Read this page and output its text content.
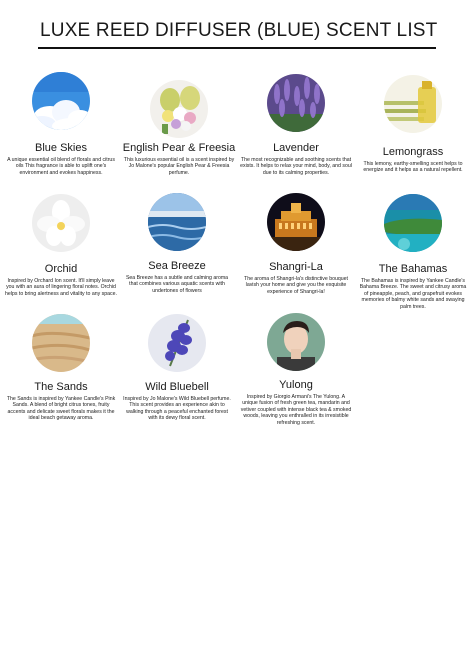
LUXE REED DIFFUSER (BLUE) SCENT LIST
Blue Skies
A unique essential oil blend of florals and citrus oils This fragrance is able to uplift one's environment and evokes happiness.
English Pear & Freesia
This luxurious essential oil is a scent inspired by Jo Malone's popular English Pear & Freesia perfume.
Lavender
The most recognizable and soothing scents that exists. It helps to relax your mind, body, and soul due to its calming properties.
Lemongrass
This lemony, earthy-smelling scent helps to energize and it helps as a natural repellent.
Orchid
Inspired by Orchard Ion scent. It'll simply leave you with an aura of lingering floral notes. Orchid helps to bring alertness and vitality to any space.
Sea Breeze
Sea Breeze has a subtle and calming aroma that combines various aquatic scents with undertones of flowers
Shangri-La
The aroma of Shangri-la's distinctive bouquet lavish your home and give you the exquisite experience of Shangri-la!
The Bahamas
The Bahamas is inspired by Yankee Candle's Bahama Breeze. The sweet and citrusy aroma of pineapple, peach, and grapefruit evokes memories of balmy white sands and swaying palm trees.
The Sands
The Sands is inspired by Yankee Candle's Pink Sands. A blend of bright citrus tones, fruity accents and delicate sweet florals makes it the ideal beach getaway aroma.
Wild Bluebell
Inspired by Jo Malone's Wild Bluebell perfume. This scent provides an experience akin to walking through a peaceful enchanted forest with its dewy floral scent.
Yulong
Inspired by Giorgio Armani's The Yulong. A unique fusion of fresh green tea, mandarin and vetiver coupled with intense black tea & smoked woods, leaving you enthralled in its irresistible refreshing scent.
